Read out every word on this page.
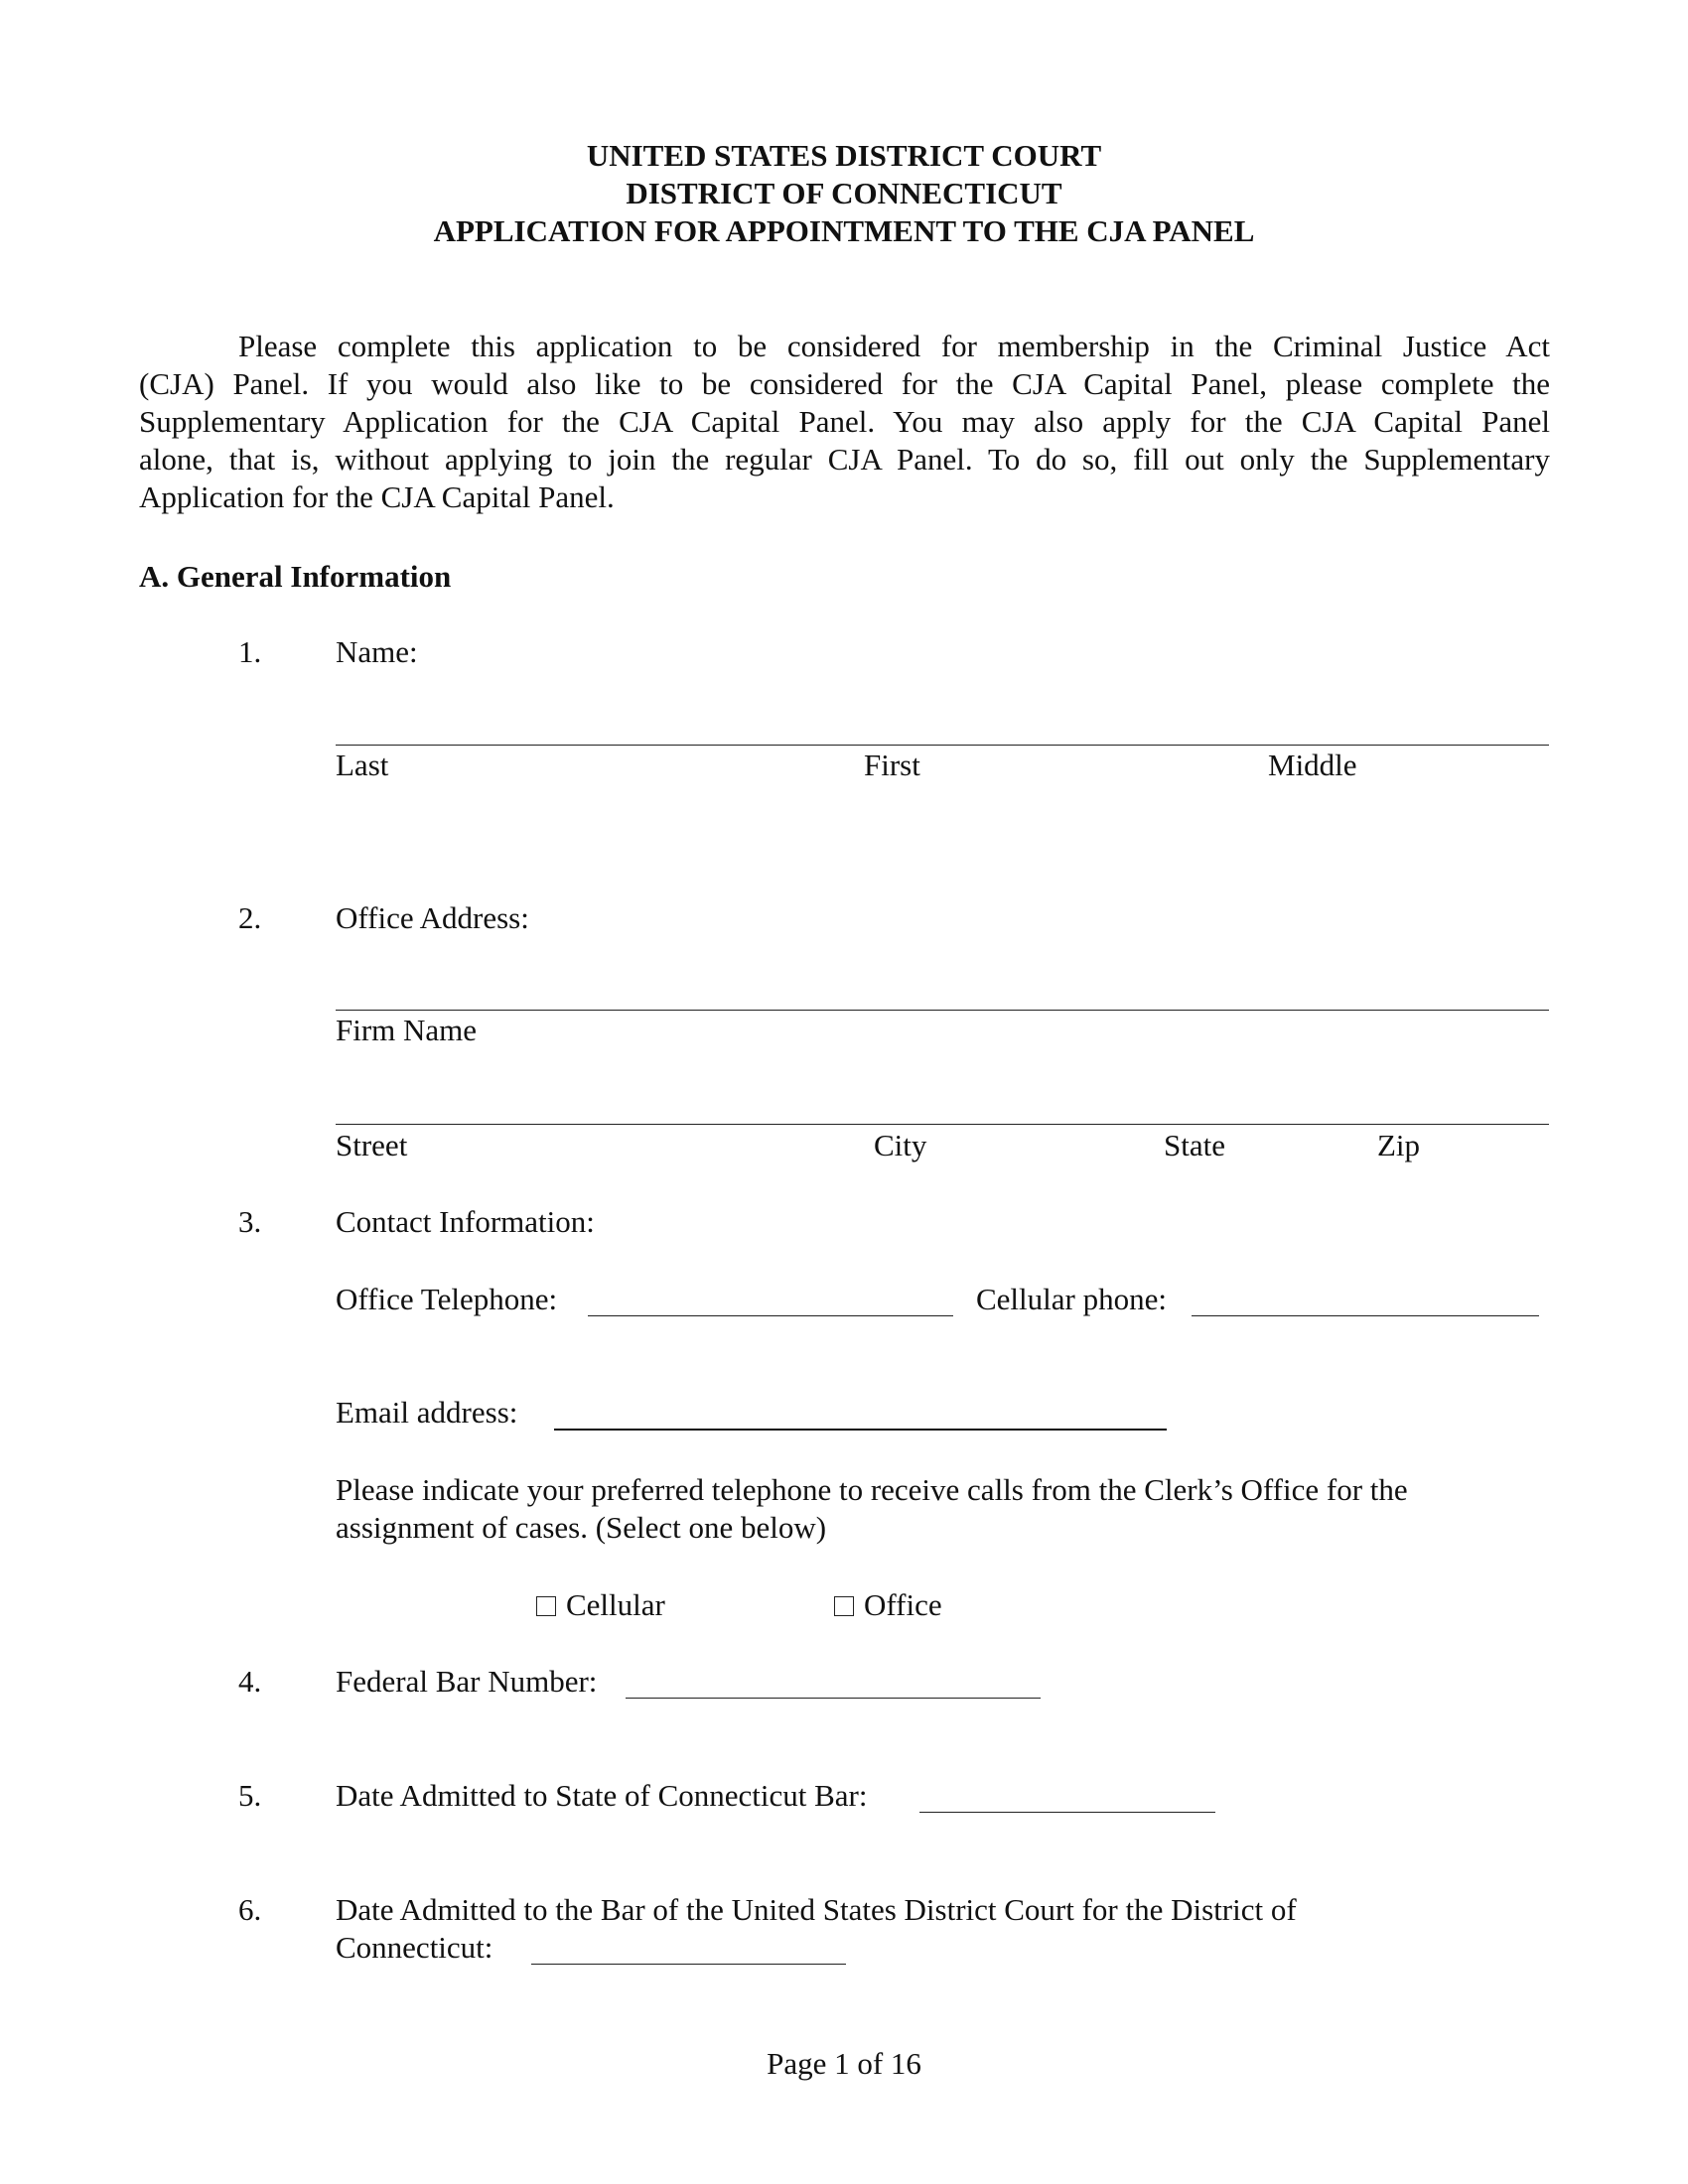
UNITED STATES DISTRICT COURT
DISTRICT OF CONNECTICUT
APPLICATION FOR APPOINTMENT TO THE CJA PANEL
Please complete this application to be considered for membership in the Criminal Justice Act
(CJA) Panel. If you would also like to be considered for the CJA Capital Panel, please complete the
Supplementary Application for the CJA Capital Panel. You may also apply for the CJA Capital Panel
alone, that is, without applying to join the regular CJA Panel. To do so, fill out only the Supplementary
Application for the CJA Capital Panel.
A. General Information
1. Name:
Last	First	Middle
2. Office Address:
Firm Name
Street	City	State	Zip
3. Contact Information:
Office Telephone:	Cellular phone:
Email address:
Please indicate your preferred telephone to receive calls from the Clerk’s Office for the
assignment of cases. (Select one below)
Cellular	Office
4. Federal Bar Number:
5. Date Admitted to State of Connecticut Bar:
6. Date Admitted to the Bar of the United States District Court for the District of
Connecticut:
Page 1 of 16
